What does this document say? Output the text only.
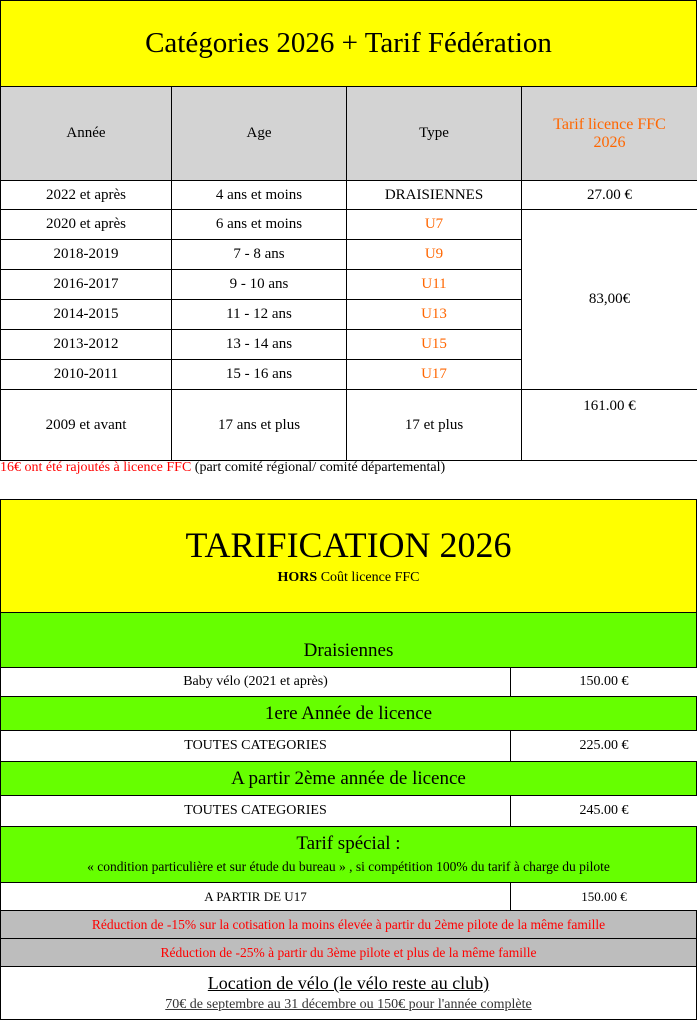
Catégories 2026 + Tarif Fédération
Année	Age	Type	Tarif licence FFC 2026
2022 et après	4 ans et moins	DRAISIENNES	27.00 €
2020 et après	6 ans et moins	U7	83,00€
2018-2019	7 - 8 ans	U9	
2016-2017	9 - 10 ans	U11	
2014-2015	11 - 12 ans	U13	
2013-2012	13 - 14 ans	U15	
2010-2011	15 - 16 ans	U17	
2009 et avant	17 ans et plus	17 et plus	161.00 €
16€ ont été rajoutés à licence FFC (part comité régional/ comité départemental)
TARIFICATION 2026
HORS Coût licence FFC
Draisiennes
Baby vélo (2021 et après)	150.00 €
1ere Année de licence
TOUTES CATEGORIES	225.00 €
A partir 2ème année de licence
TOUTES CATEGORIES	245.00 €
Tarif spécial :
« condition particulière et sur étude du bureau » , si compétition 100% du tarif à charge du pilote
A PARTIR DE U17	150.00 €
Réduction de -15% sur la cotisation la moins élevée à partir du 2ème pilote de la même famille
Réduction de -25% à partir du 3ème pilote et plus de la même famille
Location de vélo (le vélo reste au club)
70€ de septembre au 31 décembre ou 150€ pour l'année complète
